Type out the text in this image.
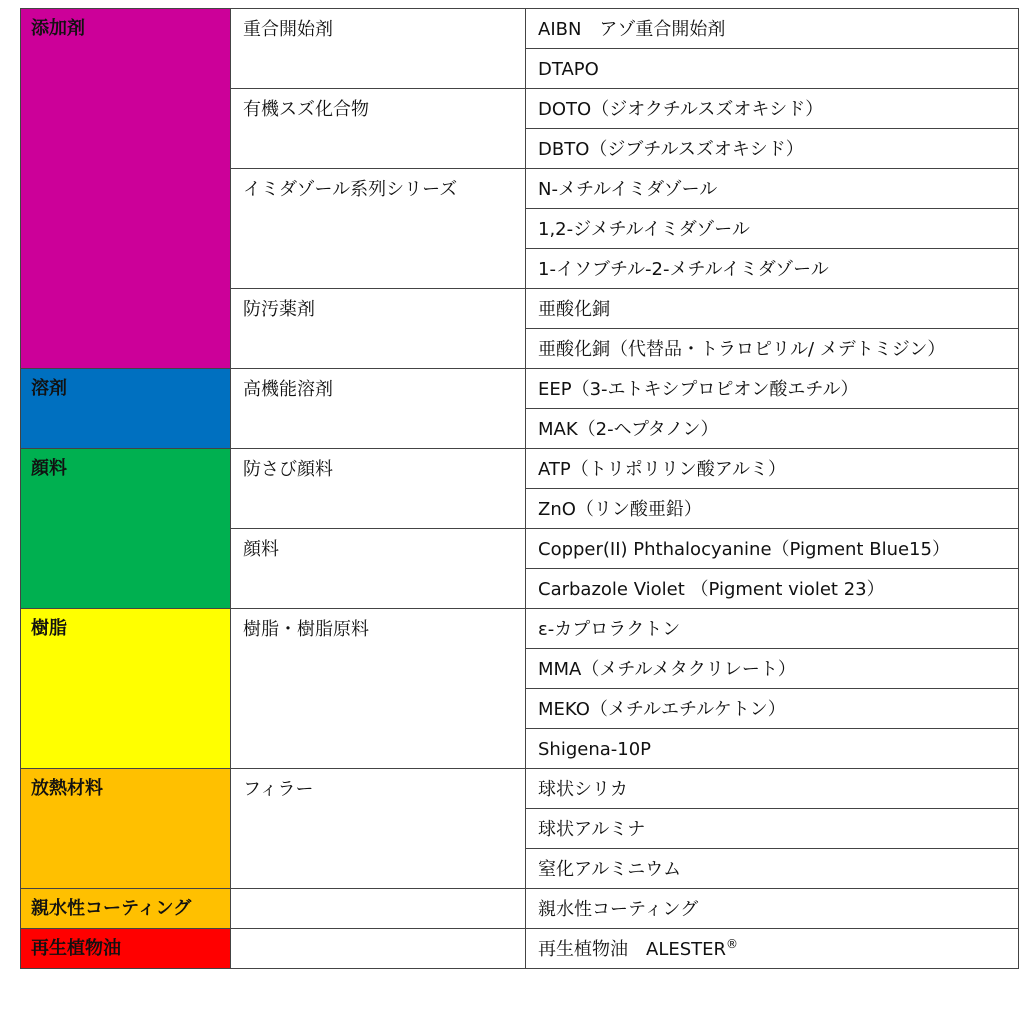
添加剤	重合開始剤	AIBN　アゾ重合開始剤
		DTAPO
	有機スズ化合物	DOTO（ジオクチルスズオキシド）
		DBTO（ジブチルスズオキシド）
	イミダゾール系列シリーズ	N-メチルイミダゾール
		1,2-ジメチルイミダゾール
		1-イソブチル-2-メチルイミダゾール
	防汚薬剤	亜酸化銅
		亜酸化銅（代替品・トラロピリル/ メデトミジン）
溶剤	高機能溶剤	EEP（3-エトキシプロピオン酸エチル）
		MAK（2-ヘプタノン）
顔料	防さび顔料	ATP（トリポリリン酸アルミ）
		ZnO（リン酸亜鉛）
	顔料	Copper(II) Phthalocyanine（Pigment Blue15）
		Carbazole Violet （Pigment violet 23）
樹脂	樹脂・樹脂原料	ε-カプロラクトン
		MMA（メチルメタクリレート）
		MEKO（メチルエチルケトン）
		Shigena-10P
放熱材料	フィラー	球状シリカ
		球状アルミナ
		窒化アルミニウム
親水性コーティング		親水性コーティング
再生植物油		再生植物油　ALESTER®
